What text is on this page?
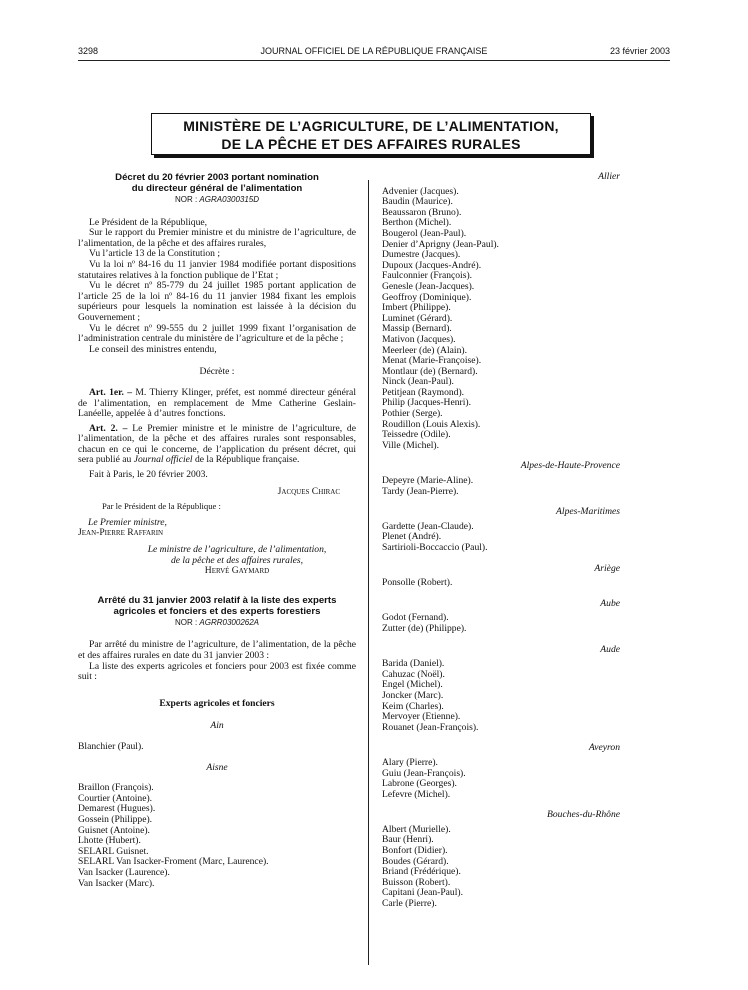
3298	JOURNAL OFFICIEL DE LA RÉPUBLIQUE FRANÇAISE	23 février 2003
MINISTÈRE DE L’AGRICULTURE, DE L’ALIMENTATION,
DE LA PÊCHE ET DES AFFAIRES RURALES
Décret du 20 février 2003 portant nomination
du directeur général de l’alimentation
NOR : AGRA0300315D

Le Président de la République,

Sur le rapport du Premier ministre et du ministre de l’agriculture, de l’alimentation, de la pêche et des affaires rurales,

Vu l’article 13 de la Constitution ;

Vu la loi nº 84-16 du 11 janvier 1984 modifiée portant dispositions statutaires relatives à la fonction publique de l’Etat ;

Vu le décret nº 85-779 du 24 juillet 1985 portant application de l’article 25 de la loi nº 84-16 du 11 janvier 1984 fixant les emplois supérieurs pour lesquels la nomination est laissée à la décision du Gouvernement ;

Vu le décret nº 99-555 du 2 juillet 1999 fixant l’organisation de l’administration centrale du ministère de l’agriculture et de la pêche ;

Le conseil des ministres entendu,

Décrète :

Art. 1er. – M. Thierry Klinger, préfet, est nommé directeur général de l’alimentation, en remplacement de Mme Catherine Geslain-Lanéelle, appelée à d’autres fonctions.

Art. 2. – Le Premier ministre et le ministre de l’agriculture, de l’alimentation, de la pêche et des affaires rurales sont responsables, chacun en ce qui le concerne, de l’application du présent décret, qui sera publié au Journal officiel de la République française.

Fait à Paris, le 20 février 2003.

Jacques Chirac

Par le Président de la République :

Le Premier ministre,

Jean-Pierre Raffarin

Le ministre de l’agriculture, de l’alimentation,

de la pêche et des affaires rurales,

Hervé Gaymard

Arrêté du 31 janvier 2003 relatif à la liste des experts
agricoles et fonciers et des experts forestiers
NOR : AGRR0300262A

Par arrêté du ministre de l’agriculture, de l’alimentation, de la pêche et des affaires rurales en date du 31 janvier 2003 :

La liste des experts agricoles et fonciers pour 2003 est fixée comme suit :

Experts agricoles et fonciers

Ain

Blanchier (Paul).

Aisne

Braillon (François).

Courtier (Antoine).

Demarest (Hugues).

Gossein (Philippe).

Guisnet (Antoine).

Lhotte (Hubert).

SELARL Guisnet.

SELARL Van Isacker-Froment (Marc, Laurence).

Van Isacker (Laurence).

Van Isacker (Marc).

Allier

Advenier (Jacques).

Baudin (Maurice).

Beaussaron (Bruno).

Berthon (Michel).

Bougerol (Jean-Paul).

Denier d’Aprigny (Jean-Paul).

Dumestre (Jacques).

Dupoux (Jacques-André).

Faulconnier (François).

Genesle (Jean-Jacques).

Geoffroy (Dominique).

Imbert (Philippe).

Luminet (Gérard).

Massip (Bernard).

Mativon (Jacques).

Meerleer (de) (Alain).

Menat (Marie-Françoise).

Montlaur (de) (Bernard).

Ninck (Jean-Paul).

Petitjean (Raymond).

Philip (Jacques-Henri).

Pothier (Serge).

Roudillon (Louis Alexis).

Teissedre (Odile).

Ville (Michel).

Alpes-de-Haute-Provence

Depeyre (Marie-Aline).

Tardy (Jean-Pierre).

Alpes-Maritimes

Gardette (Jean-Claude).

Plenet (André).

Sartirioli-Boccaccio (Paul).

Ariège

Ponsolle (Robert).

Aube

Godot (Fernand).

Zutter (de) (Philippe).

Aude

Barida (Daniel).

Cahuzac (Noël).

Engel (Michel).

Joncker (Marc).

Keim (Charles).

Mervoyer (Etienne).

Rouanet (Jean-François).

Aveyron

Alary (Pierre).

Guiu (Jean-François).

Labrone (Georges).

Lefevre (Michel).

Bouches-du-Rhône

Albert (Murielle).

Baur (Henri).

Bonfort (Didier).

Boudes (Gérard).

Briand (Frédérique).

Buisson (Robert).

Capitani (Jean-Paul).

Carle (Pierre).
